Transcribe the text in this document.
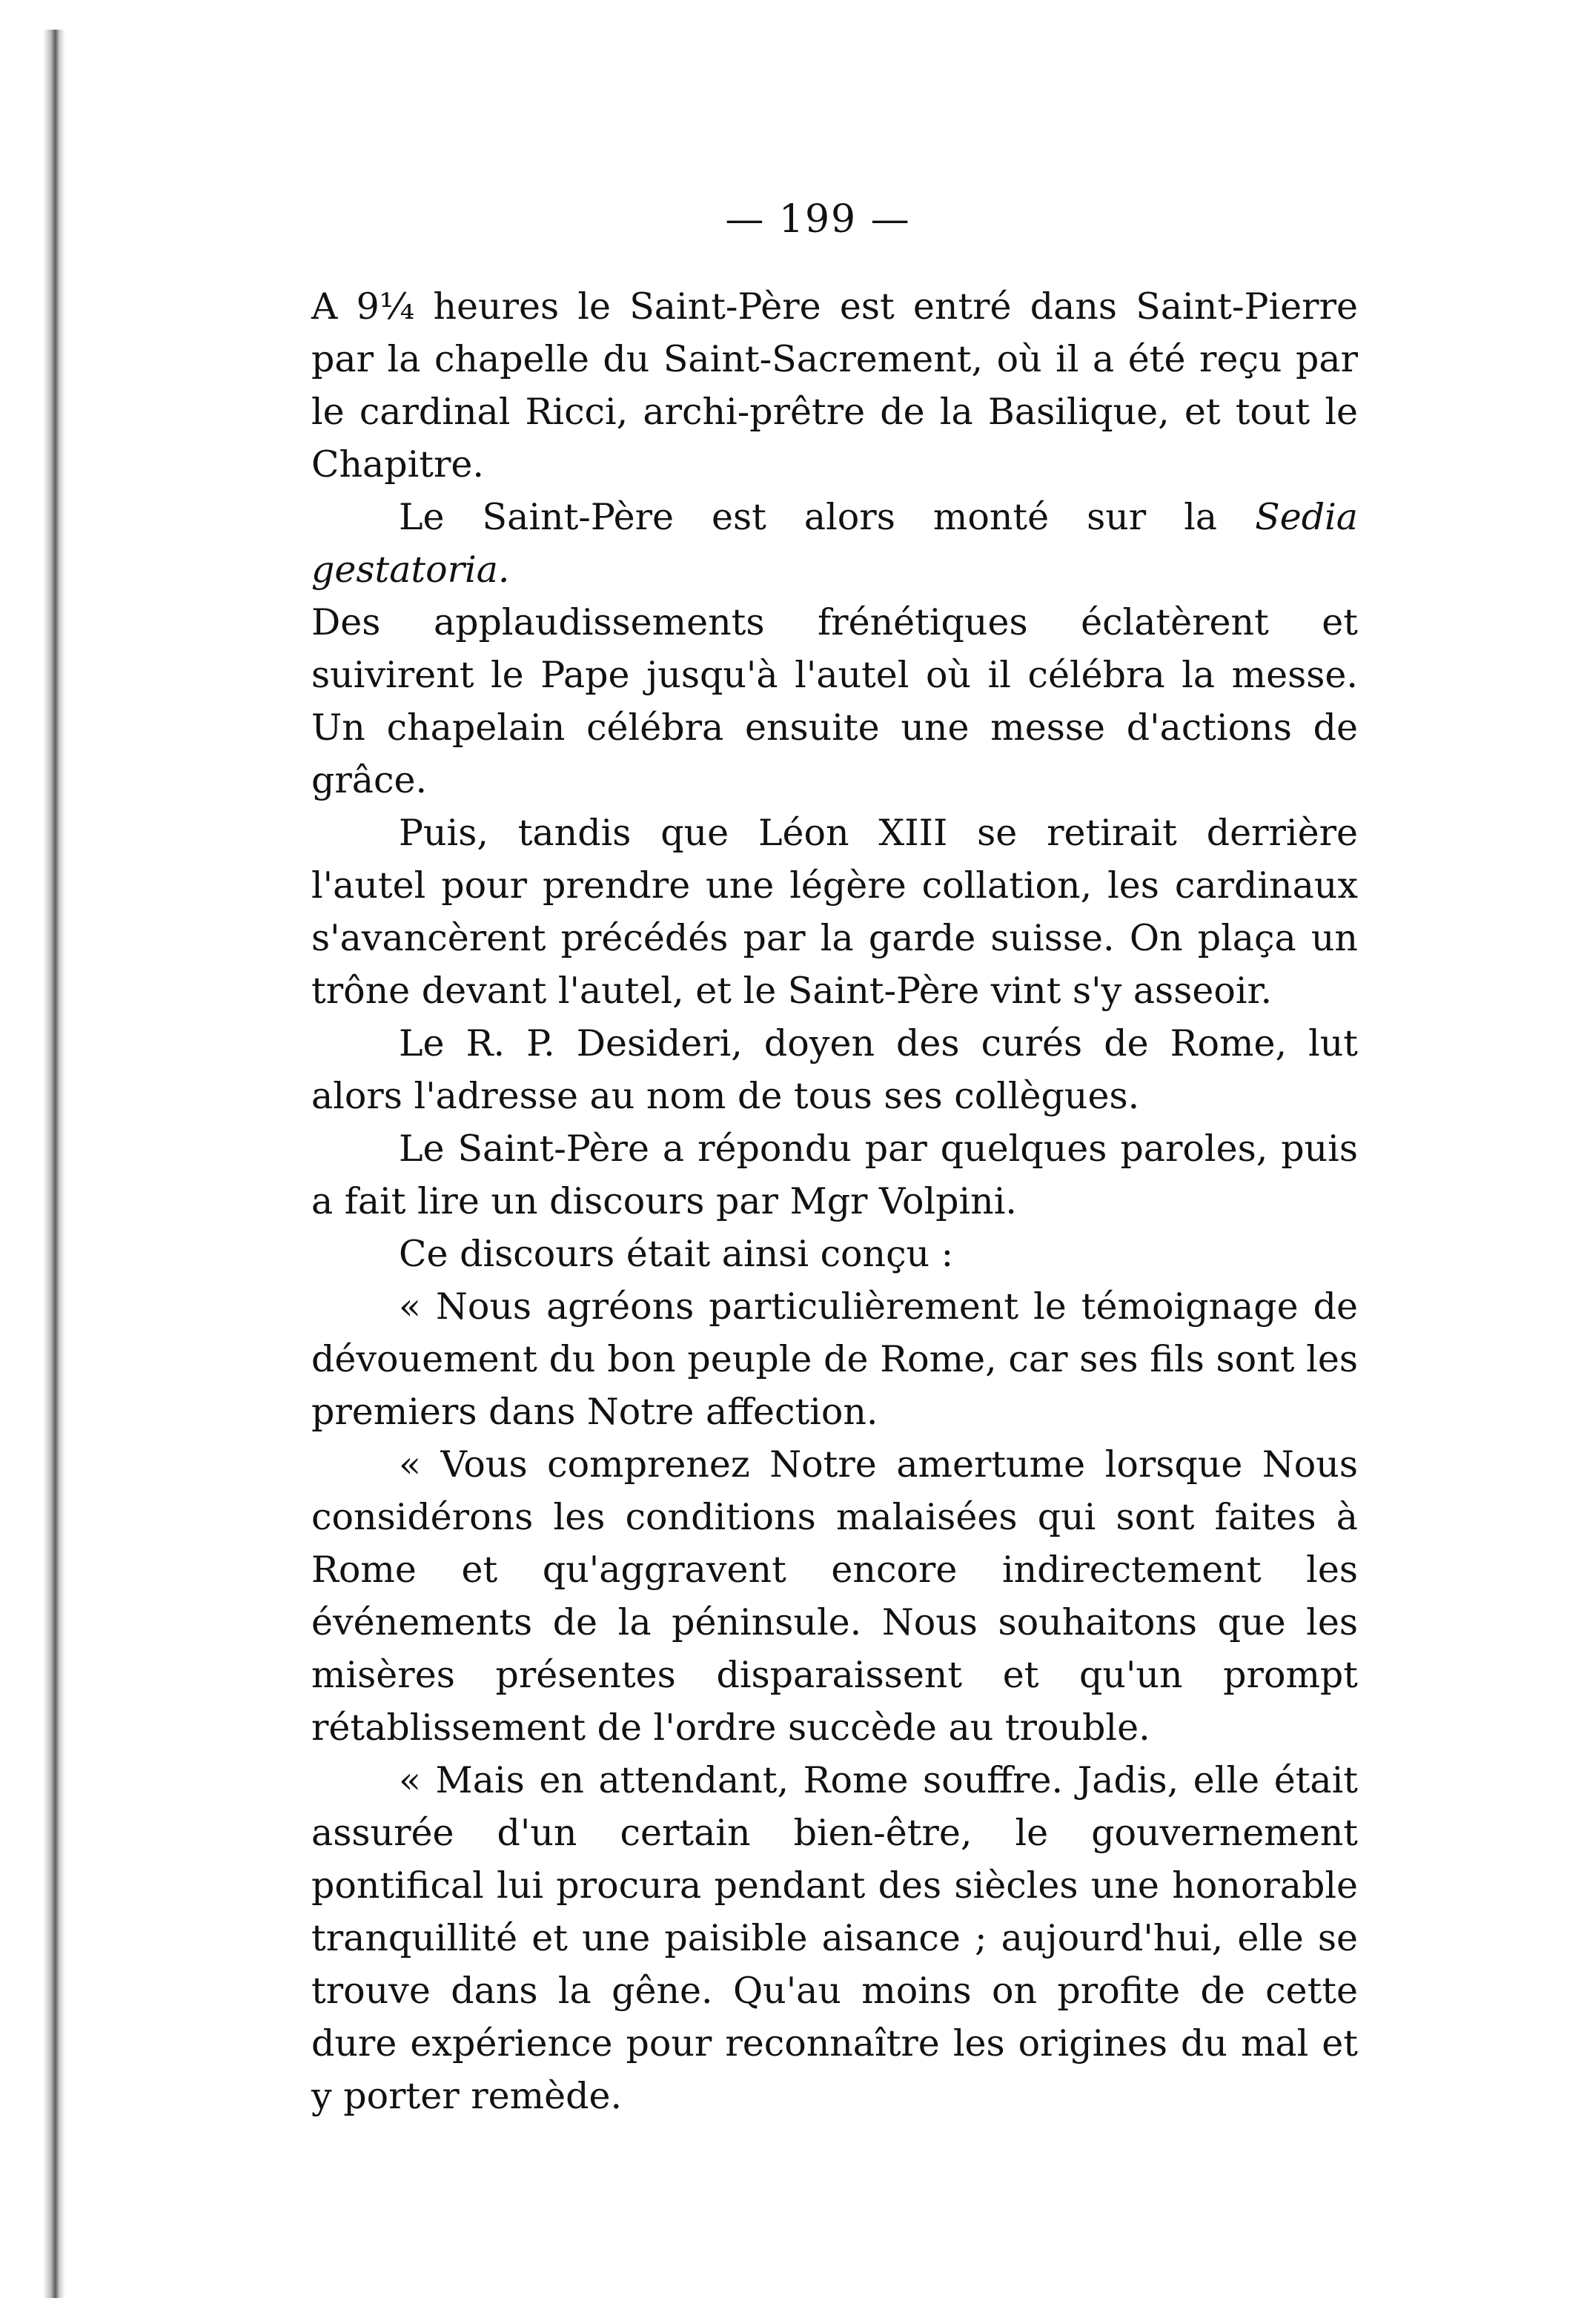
— 199 —

A 9¼ heures le Saint-Père est entré dans Saint-Pierre par la chapelle du Saint-Sacrement, où il a été reçu par le cardinal Ricci, archi-prêtre de la Basilique, et tout le Chapitre.

Le Saint-Père est alors monté sur la Sedia gestatoria.

Des applaudissements frénétiques éclatèrent et suivirent le Pape jusqu'à l'autel où il célébra la messe. Un chapelain célébra ensuite une messe d'actions de grâce.

Puis, tandis que Léon XIII se retirait derrière l'autel pour prendre une légère collation, les cardinaux s'avancèrent précédés par la garde suisse. On plaça un trône devant l'autel, et le Saint-Père vint s'y asseoir.

Le R. P. Desideri, doyen des curés de Rome, lut alors l'adresse au nom de tous ses collègues.

Le Saint-Père a répondu par quelques paroles, puis a fait lire un discours par Mgr Volpini.

Ce discours était ainsi conçu :

« Nous agréons particulièrement le témoignage de dévouement du bon peuple de Rome, car ses fils sont les premiers dans Notre affection.

« Vous comprenez Notre amertume lorsque Nous considérons les conditions malaisées qui sont faites à Rome et qu'aggravent encore indirectement les événements de la péninsule. Nous souhaitons que les misères présentes disparaissent et qu'un prompt rétablissement de l'ordre succède au trouble.

« Mais en attendant, Rome souffre. Jadis, elle était assurée d'un certain bien-être, le gouvernement pontifical lui procura pendant des siècles une honorable tranquillité et une paisible aisance ; aujourd'hui, elle se trouve dans la gêne. Qu'au moins on profite de cette dure expérience pour reconnaître les origines du mal et y porter remède.
